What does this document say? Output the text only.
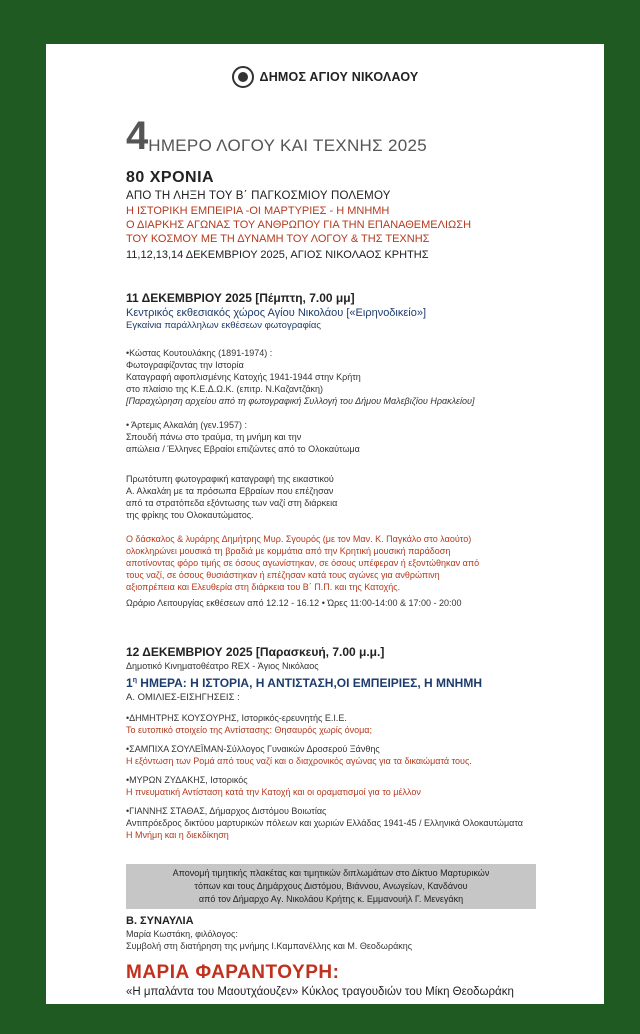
ΔΗΜΟΣ ΑΓΙΟΥ ΝΙΚΟΛΑΟΥ
4ΗΜΕΡΟ ΛΟΓΟΥ ΚΑΙ ΤΕΧΝΗΣ 2025
80 ΧΡΟΝΙΑ
ΑΠΟ ΤΗ ΛΗΞΗ ΤΟΥ Β΄ ΠΑΓΚΟΣΜΙΟΥ ΠΟΛΕΜΟΥ
Η ΙΣΤΟΡΙΚΗ ΕΜΠΕΙΡΙΑ -ΟΙ ΜΑΡΤΥΡΙΕΣ - Η ΜΝΗΜΗ
Ο ΔΙΑΡΚΗΣ ΑΓΩΝΑΣ ΤΟΥ ΑΝΘΡΩΠΟΥ ΓΙΑ ΤΗΝ ΕΠΑΝΑΘΕΜΕΛΙΩΣΗ
ΤΟΥ ΚΟΣΜΟΥ ΜΕ ΤΗ ΔΥΝΑΜΗ ΤΟΥ ΛΟΓΟΥ & ΤΗΣ ΤΕΧΝΗΣ
11,12,13,14 ΔΕΚΕΜΒΡΙΟΥ 2025, ΑΓΙΟΣ ΝΙΚΟΛΑΟΣ ΚΡΗΤΗΣ
11 ΔΕΚΕΜΒΡΙΟΥ 2025 [Πέμπτη, 7.00 μμ]
Κεντρικός εκθεσιακός χώρος Αγίου Νικολάου [«Ειρηνοδικείο»]
Εγκαίνια παράλληλων εκθέσεων φωτογραφίας
•Κώστας Κουτουλάκης (1891-1974) :
Φωτογραφίζοντας την Ιστορία
Καταγραφή αφοπλισμένης Κατοχής 1941-1944 στην Κρήτη
στο πλαίσιο της Κ.Ε.Δ.Ω.Κ. (επιτρ. Ν.Καζαντζάκη)
[Παραχώρηση αρχείου από τη φωτογραφική Συλλογή του Δήμου Μαλεβιζίου Ηρακλείου]
• Άρτεμις Αλκαλάη (γεν.1957) :
Σπουδή πάνω στο τραύμα, τη μνήμη και την
απώλεια / Έλληνες Εβραίοι επιζώντες από το Ολοκαύτωμα
Πρωτότυπη φωτογραφική καταγραφή της εικαστικού
Α. Αλκαλάη με τα πρόσωπα Εβραίων που επέζησαν
από τα στρατόπεδα εξόντωσης των ναζί στη διάρκεια
της φρίκης του Ολοκαυτώματος.
Ο δάσκαλος & λυράρης Δημήτρης Μυρ. Σγουρός (με τον Μαν. Κ. Παγκάλο στο λαούτο)
ολοκληρώνει μουσικά τη βραδιά με κομμάτια από την Κρητική μουσική παράδοση
αποτίνοντας φόρο τιμής σε όσους αγωνίστηκαν, σε όσους υπέφεραν ή εξοντώθηκαν από
τους ναζί, σε όσους θυσιάστηκαν ή επέζησαν κατά τους αγώνες για ανθρώπινη
αξιοπρέπεια και Ελευθερία στη διάρκεια του Β΄ Π.Π. και της Κατοχής.
Ωράριο Λειτουργίας εκθέσεων από 12.12 - 16.12 • Ώρες 11:00-14:00 & 17:00 - 20:00
12 ΔΕΚΕΜΒΡΙΟΥ 2025 [Παρασκευή, 7.00 μ.μ.]
Δημοτικό Κινηματοθέατρο REX - Άγιος Νικόλαος
$1^\eta$ ΗΜΕΡΑ: Η ΙΣΤΟΡΙΑ, Η ΑΝΤΙΣΤΑΣΗ,ΟΙ ΕΜΠΕΙΡΙΕΣ, Η ΜΝΗΜΗ
Α. ΟΜΙΛΙΕΣ-ΕΙΣΗΓΗΣΕΙΣ :
•ΔΗΜΗΤΡΗΣ ΚΟΥΣΟΥΡΗΣ, Ιστορικός-ερευνητής Ε.Ι.Ε.
Το ευτοπικό στοιχείο της Αντίστασης: Θησαυρός χωρίς όνομα;
•ΣΑΜΠΙΧΑ ΣΟΥΛΕΪΜΑΝ-Σύλλογος Γυναικών Δροσερού Ξάνθης
Η εξόντωση των Ρομά από τους ναζί και ο διαχρονικός αγώνας για τα δικαιώματά τους.
•ΜΥΡΩΝ ΖΥΔΑΚΗΣ, Ιστορικός
Η πνευματική Αντίσταση κατά την Κατοχή και οι οραματισμοί για το μέλλον
•ΓΙΑΝΝΗΣ ΣΤΑΘΑΣ, Δήμαρχος Διστόμου Βοιωτίας
Αντιπρόεδρος δικτύου μαρτυρικών πόλεων και χωριών Ελλάδας 1941-45 / Ελληνικά Ολοκαυτώματα
Η Μνήμη και η διεκδίκηση
Απονομή τιμητικής πλακέτας και τιμητικών διπλωμάτων στο Δίκτυο Μαρτυρικών
τόπων και τους Δημάρχους Διστόμου, Βιάννου, Ανωγείων, Κανδάνου
από τον Δήμαρχο Αγ. Νικολάου Κρήτης κ. Εμμανουήλ Γ. Μενεγάκη
Β. ΣΥΝΑΥΛΙΑ
Μαρία Κωστάκη, φιλόλογος:
Συμβολή στη διατήρηση της μνήμης Ι.Καμπανέλλης και Μ. Θεοδωράκης
ΜΑΡΙΑ ΦΑΡΑΝΤΟΥΡΗ:
«Η μπαλάντα του Μαουτχάουζεν» Κύκλος τραγουδιών του Μίκη Θεοδωράκη
